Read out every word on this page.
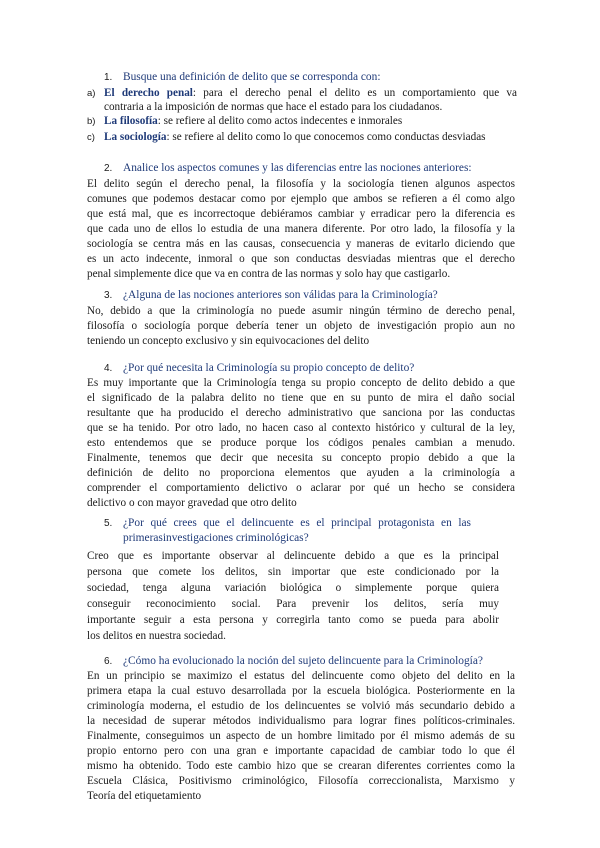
1. Busque una definición de delito que se corresponda con:
a) El derecho penal: para el derecho penal el delito es un comportamiento que va
contraria a la imposición de normas que hace el estado para los ciudadanos.
b) La filosofía: se refiere al delito como actos indecentes e inmorales
c) La sociología: se refiere al delito como lo que conocemos como conductas desviadas
2. Analice los aspectos comunes y las diferencias entre las nociones anteriores:
El delito según el derecho penal, la filosofía y la sociología tienen algunos aspectos
comunes que podemos destacar como por ejemplo que ambos se refieren a él como algo
que está mal, que es incorrectoque debiéramos cambiar y erradicar pero la diferencia es
que cada uno de ellos lo estudia de una manera diferente. Por otro lado, la filosofía y la
sociología se centra más en las causas, consecuencia y maneras de evitarlo diciendo que
es un acto indecente, inmoral o que son conductas desviadas mientras que el derecho
penal simplemente dice que va en contra de las normas y solo hay que castigarlo.
3. ¿Alguna de las nociones anteriores son válidas para la Criminología?
No, debido a que la criminología no puede asumir ningún término de derecho penal,
filosofía o sociología porque debería tener un objeto de investigación propio aun no
teniendo un concepto exclusivo y sin equivocaciones del delito
4. ¿Por qué necesita la Criminología su propio concepto de delito?
Es muy importante que la Criminología tenga su propio concepto de delito debido a que
el significado de la palabra delito no tiene que en su punto de mira el daño social
resultante que ha producido el derecho administrativo que sanciona por las conductas
que se ha tenido. Por otro lado, no hacen caso al contexto histórico y cultural de la ley,
esto entendemos que se produce porque los códigos penales cambian a menudo.
Finalmente, tenemos que decir que necesita su concepto propio debido a que la
definición de delito no proporciona elementos que ayuden a la criminología a
comprender el comportamiento delictivo o aclarar por qué un hecho se considera
delictivo o con mayor gravedad que otro delito
5. ¿Por qué crees que el delincuente es el principal protagonista en las
primerasinvestigaciones criminológicas?
Creo que es importante observar al delincuente debido a que es la principal
persona que comete los delitos, sin importar que este condicionado por la
sociedad, tenga alguna variación biológica o simplemente porque quiera
conseguir reconocimiento social. Para prevenir los delitos, sería muy
importante seguir a esta persona y corregirla tanto como se pueda para abolir
los delitos en nuestra sociedad.
6. ¿Cómo ha evolucionado la noción del sujeto delincuente para la Criminología?
En un principio se maximizo el estatus del delincuente como objeto del delito en la
primera etapa la cual estuvo desarrollada por la escuela biológica. Posteriormente en la
criminología moderna, el estudio de los delincuentes se volvió más secundario debido a
la necesidad de superar métodos individualismo para lograr fines políticos-criminales.
Finalmente, conseguimos un aspecto de un hombre limitado por él mismo además de su
propio entorno pero con una gran e importante capacidad de cambiar todo lo que él
mismo ha obtenido. Todo este cambio hizo que se crearan diferentes corrientes como la
Escuela Clásica, Positivismo criminológico, Filosofía correccionalista, Marxismo y
Teoría del etiquetamiento
